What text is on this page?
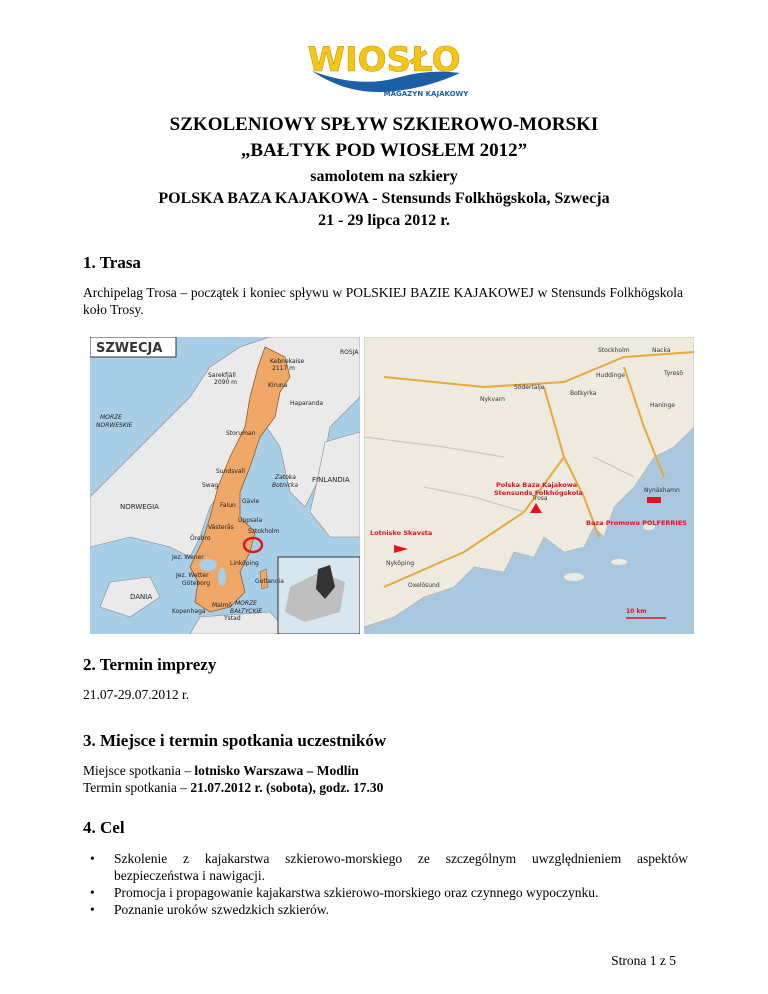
WIOSŁO
MAGAZYN KAJAKOWY
SZKOLENIOWY SPŁYW SZKIEROWO-MORSKI
„BAŁTYK POD WIOSŁEM 2012”
samolotem na szkiery
POLSKA BAZA KAJAKOWA - Stensunds Folkhögskola, Szwecja
21 - 29 lipca 2012 r.
1. Trasa
Archipelag Trosa – początek i koniec spływu w POLSKIEJ BAZIE KAJAKOWEJ w Stensunds Folkhögskola koło Trosy.
SZWECJA	ROSJA
FINLANDIA
NORWEGIA
DANIA
MORZE
NORWESKIE
MORZE
BAŁTYCKIE
Zatoka
Botnicka
Kebnekaise
2117 m
Sarekfjäll
2090 m	Kiruna
Haparanda
Storuman
Sundsvall
Falun
Gävle
Uppsala
Västerås
Örebro
Sztokholm
Linköping
Göteborg
Malmö
Ystad
Kopenhaga
Gotlandia
Swag
Jez. Wener
Jez. Wetter
Stockholm	Nacka
Huddinge	Tyresö
Södertälje
Botkyrka
Haninge
Nykvarn
Trosa
Nynäshamn
Nyköping
Oxelösund
10 km
Polska Baza Kajakowa
Stensunds Folkhögskola
Lotnisko Skavsta
Baza Promowa POLFERRIES
2. Termin imprezy
21.07-29.07.2012 r.
3. Miejsce i termin spotkania uczestników
Miejsce spotkania – lotnisko Warszawa – Modlin
Termin spotkania – 21.07.2012 r. (sobota), godz. 17.30
4. Cel
• Szkolenie z kajakarstwa szkierowo-morskiego ze szczególnym uwzględnieniem aspektów bezpieczeństwa i nawigacji.
• Promocja i propagowanie kajakarstwa szkierowo-morskiego oraz czynnego wypoczynku.
• Poznanie uroków szwedzkich szkierów.
Strona 1 z 5
